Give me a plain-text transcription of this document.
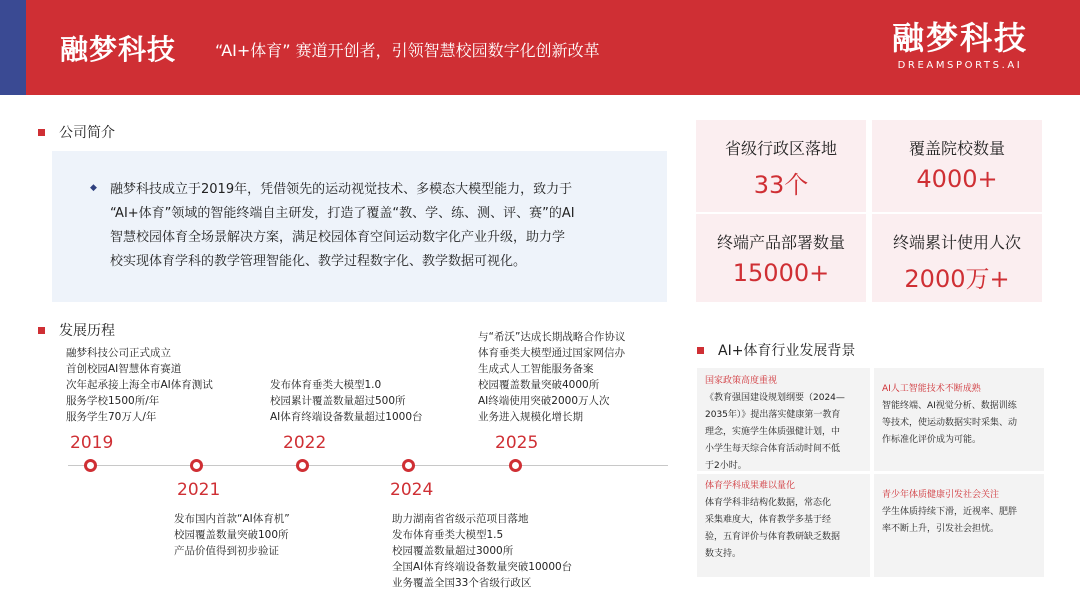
融梦科技 “AI+体育” 赛道开创者，引领智慧校园数字化创新改革	融梦科技
DREAMSPORTS.AI
公司简介
◆ 融梦科技成立于2019年，凭借领先的运动视觉技术、多模态大模型能力，致力于
“AI+体育”领域的智能终端自主研发，打造了覆盖“教、学、练、测、评、赛”的AI
智慧校园体育全场景解决方案，满足校园体育空间运动数字化产业升级，助力学
校实现体育学科的教学管理智能化、教学过程数字化、教学数据可视化。
省级行政区落地
33个
覆盖院校数量
4000+
终端产品部署数量
15000+
终端累计使用人次
2000万+
发展历程
融梦科技公司正式成立
首创校园AI智慧体育赛道
次年起承接上海全市AI体育测试
服务学校1500所/年
服务学生70万人/年
发布体育垂类大模型1.0
校园累计覆盖数量超过500所
AI体育终端设备数量超过1000台
与“希沃”达成长期战略合作协议
体育垂类大模型通过国家网信办
生成式人工智能服务备案
校园覆盖数量突破4000所
AI终端使用突破2000万人次
业务进入规模化增长期
2019	2022	2025
2021	2024
发布国内首款“AI体育机”
校园覆盖数量突破100所
产品价值得到初步验证
助力湖南省省级示范项目落地
发布体育垂类大模型1.5
校园覆盖数量超过3000所
全国AI体育终端设备数量突破10000台
业务覆盖全国33个省级行政区
AI+体育行业发展背景
国家政策高度重视
《教育强国建设规划纲要（2024—
2035年）》提出落实健康第一教育
理念，实施学生体质强健计划，中
小学生每天综合体育活动时间不低
于2小时。
AI人工智能技术不断成熟
智能终端、AI视觉分析、数据训练
等技术，使运动数据实时采集、动
作标准化评价成为可能。
体育学科成果难以量化
体育学科非结构化数据，常态化
采集难度大，体育教学多基于经
验，五育评价与体育教研缺乏数据
数支持。
青少年体质健康引发社会关注
学生体质持续下滑，近视率、肥胖
率不断上升，引发社会担忧。
